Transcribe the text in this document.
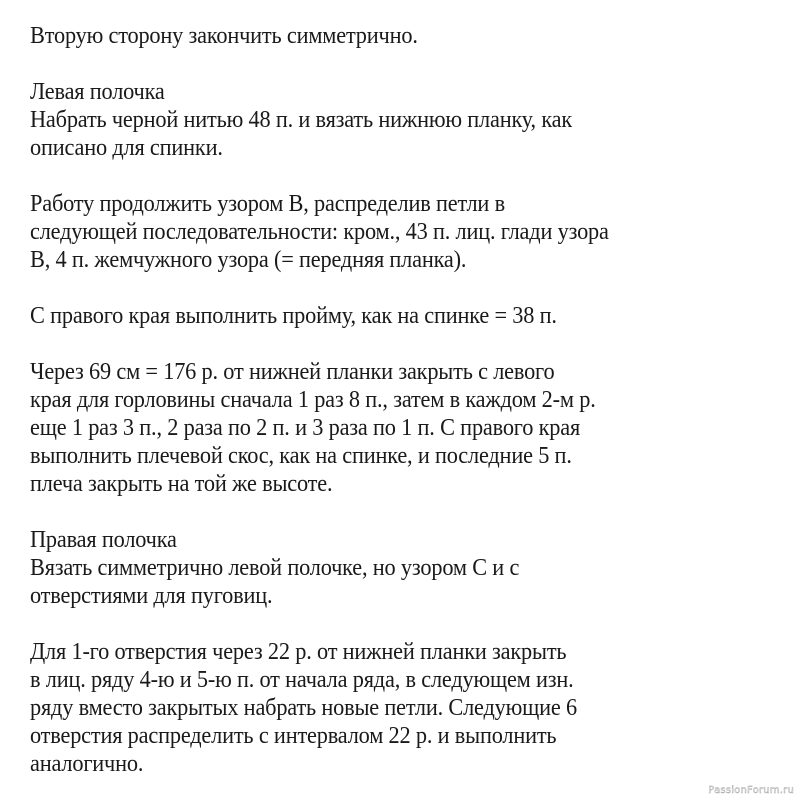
Вторую сторону закончить симметрично.
Левая полочка
Набрать черной нитью 48 п. и вязать нижнюю планку, как
описано для спинки.
Работу продолжить узором В, распределив петли в
следующей последовательности: кром., 43 п. лиц. глади узора
В, 4 п. жемчужного узора (= передняя планка).
С правого края выполнить пройму, как на спинке = 38 п.
Через 69 см = 176 р. от нижней планки закрыть с левого
края для горловины сначала 1 раз 8 п., затем в каждом 2-м р.
еще 1 раз 3 п., 2 раза по 2 п. и 3 раза по 1 п. С правого края
выполнить плечевой скос, как на спинке, и последние 5 п.
плеча закрыть на той же высоте.
Правая полочка
Вязать симметрично левой полочке, но узором С и с
отверстиями для пуговиц.
Для 1-го отверстия через 22 р. от нижней планки закрыть
в лиц. ряду 4-ю и 5-ю п. от начала ряда, в следующем изн.
ряду вместо закрытых набрать новые петли. Следующие 6
отверстия распределить с интервалом 22 р. и выполнить
аналогично.
PassionForum.ru
